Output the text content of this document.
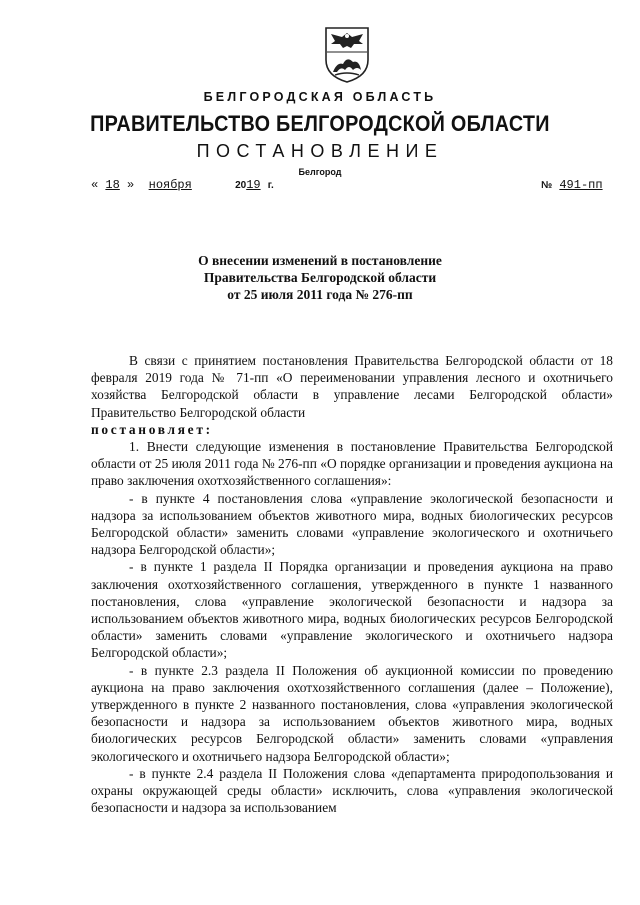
БЕЛГОРОДСКАЯ ОБЛАСТЬ
ПРАВИТЕЛЬСТВО БЕЛГОРОДСКОЙ ОБЛАСТИ
ПОСТАНОВЛЕНИЕ
Белгород
« 18 » ноября	2019 г.	№ 491-пп
О внесении изменений в постановление
Правительства Белгородской области
от 25 июля 2011 года № 276-пп

В связи с принятием постановления Правительства Белгородской области от 18 февраля 2019 года № 71-пп «О переименовании управления лесного и охотничьего хозяйства Белгородской области в управление лесами Белгородской области» Правительство Белгородской области

постановляет:

1. Внести следующие изменения в постановление Правительства Белгородской области от 25 июля 2011 года № 276-пп «О порядке организации и проведения аукциона на право заключения охотхозяйственного соглашения»:

- в пункте 4 постановления слова «управление экологической безопасности и надзора за использованием объектов животного мира, водных биологических ресурсов Белгородской области» заменить словами «управление экологического и охотничьего надзора Белгородской области»;

- в пункте 1 раздела II Порядка организации и проведения аукциона на право заключения охотхозяйственного соглашения, утвержденного в пункте 1 названного постановления, слова «управление экологической безопасности и надзора за использованием объектов животного мира, водных биологических ресурсов Белгородской области» заменить словами «управление экологического и охотничьего надзора Белгородской области»;

- в пункте 2.3 раздела II Положения об аукционной комиссии по проведению аукциона на право заключения охотхозяйственного соглашения (далее – Положение), утвержденного в пункте 2 названного постановления, слова «управления экологической безопасности и надзора за использованием объектов животного мира, водных биологических ресурсов Белгородской области» заменить словами «управления экологического и охотничьего надзора Белгородской области»;

- в пункте 2.4 раздела II Положения слова «департамента природопользования и охраны окружающей среды области» исключить, слова «управления экологической безопасности и надзора за использованием
